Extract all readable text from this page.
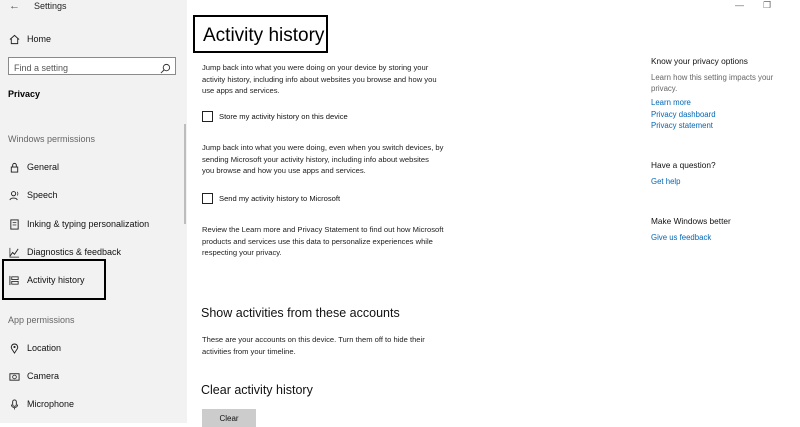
← Settings
Home
Find a setting
Privacy
Windows permissions
General
Speech
Inking & typing personalization
Diagnostics & feedback
Activity history
App permissions
Location
Camera
Microphone
— ❐
Activity history
Jump back into what you were doing on your device by storing your
activity history, including info about websites you browse and how you
use apps and services.
Store my activity history on this device
Jump back into what you were doing, even when you switch devices, by
sending Microsoft your activity history, including info about websites
you browse and how you use apps and services.
Send my activity history to Microsoft
Review the Learn more and Privacy Statement to find out how Microsoft
products and services use this data to personalize experiences while
respecting your privacy.
Show activities from these accounts
These are your accounts on this device. Turn them off to hide their
activities from your timeline.
Clear activity history
Clear
Know your privacy options
Learn how this setting impacts your
privacy.
Learn more
Privacy dashboard
Privacy statement
Have a question?
Get help
Make Windows better
Give us feedback
